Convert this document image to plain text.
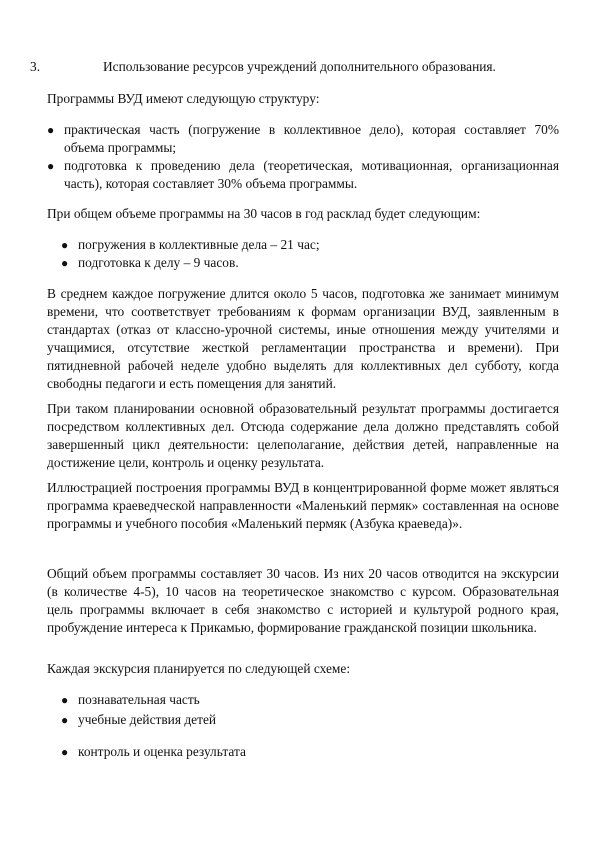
3.	Использование ресурсов учреждений дополнительного образования.
Программы ВУД имеют следующую структуру:
● практическая часть (погружение в коллективное дело), которая составляет 70% объема программы;
● подготовка к проведению дела (теоретическая, мотивационная, организационная часть), которая составляет 30% объема программы.
При общем объеме программы на 30 часов в год расклад будет следующим:
● погружения в коллективные дела – 21 час;
● подготовка к делу – 9 часов.
В среднем каждое погружение длится около 5 часов, подготовка же занимает минимум времени, что соответствует требованиям к формам организации ВУД, заявленным в стандартах (отказ от классно-урочной системы, иные отношения между учителями и учащимися, отсутствие жесткой регламентации пространства и времени). При пятидневной рабочей неделе удобно выделять для коллективных дел субботу, когда свободны педагоги и есть помещения для занятий.
При таком планировании основной образовательный результат программы достигается посредством коллективных дел. Отсюда содержание дела должно представлять собой завершенный цикл деятельности: целеполагание, действия детей, направленные на достижение цели, контроль и оценку результата.
Иллюстрацией построения программы ВУД в концентрированной форме может являться программа краеведческой направленности «Маленький пермяк» составленная на основе программы и учебного пособия «Маленький пермяк (Азбука краеведа)».
Общий объем программы составляет 30 часов. Из них 20 часов отводится на экскурсии (в количестве 4-5), 10 часов на теоретическое знакомство с курсом. Образовательная цель программы включает в себя знакомство с историей и культурой родного края, пробуждение интереса к Прикамью, формирование гражданской позиции школьника.
Каждая экскурсия планируется по следующей схеме:
● познавательная часть
● учебные действия детей
● контроль и оценка результата
